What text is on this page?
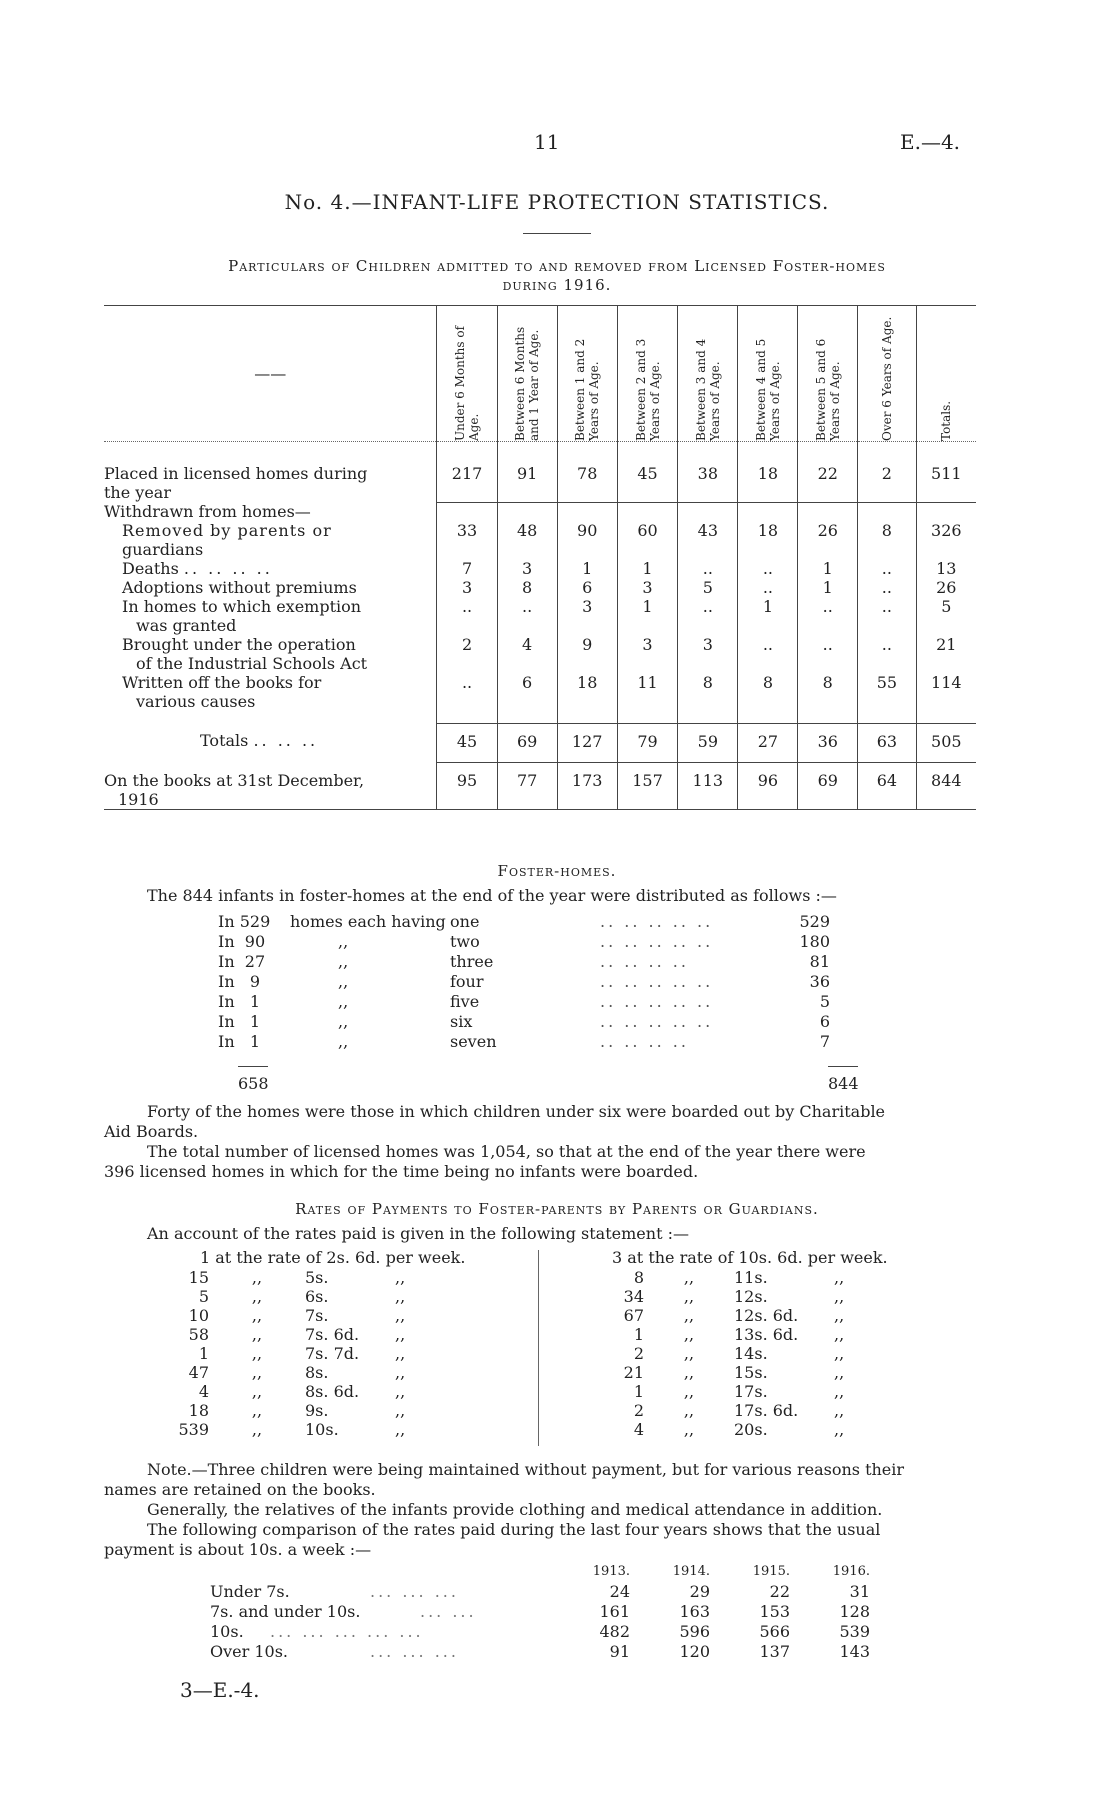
11	E.—4.
No. 4.—INFANT-LIFE PROTECTION STATISTICS.
Particulars of Children admitted to and removed from Licensed Foster-homes
during 1916.
——	Under 6 Months of Age.	Between 6 Months and 1 Year of Age.	Between 1 and 2 Years of Age.	Between 2 and 3 Years of Age.	Between 3 and 4 Years of Age.	Between 4 and 5 Years of Age.	Between 5 and 6 Years of Age.	Over 6 Years of Age.	Totals.

Placed in licensed homes during
the year	217	91	78	45	38	18	22	2	511
Withdrawn from homes—									
Removed by parents or
guardians	33	48	90	60	43	18	26	8	326
Deaths .. .. .. ..	7	3	1	1	..	..	1	..	13
Adoptions without premiums	3	8	6	3	5	..	1	..	26
In homes to which exemption
was granted	..	..	3	1	..	1	..	..	5
Brought under the operation
of the Industrial Schools Act	2	4	9	3	3	..	..	..	21
Written off the books for
various causes	..	6	18	11	8	8	8	55	114

Totals .. .. ..	45	69	127	79	59	27	36	63	505

On the books at 31st December,
1916	95	77	173	157	113	96	69	64	844
Foster-homes.
The 844 infants in foster-homes at the end of the year were distributed as follows :—
In 529	homes each having one	.. .. .. .. ..	529
In  90	,,	two	.. .. .. .. ..	180
In  27	,,	three	.. .. .. ..	81
In   9	,,	four	.. .. .. .. ..	36
In   1	,,	five	.. .. .. .. ..	5
In   1	,,	six	.. .. .. .. ..	6
In   1	,,	seven	.. .. .. ..	7
658	844
Forty of the homes were those in which children under six were boarded out by Charitable
Aid Boards.
The total number of licensed homes was 1,054, so that at the end of the year there were
396 licensed homes in which for the time being no infants were boarded.
Rates of Payments to Foster-parents by Parents or Guardians.
An account of the rates paid is given in the following statement :—
1 at the rate of 2s. 6d. per week.	3 at the rate of 10s. 6d. per week.
15	,,	5s.	,,
5	,,	6s.	,,
10	,,	7s.	,,
58	,,	7s. 6d.	,,
1	,,	7s. 7d.	,,
47	,,	8s.	,,
4	,,	8s. 6d.	,,
18	,,	9s.	,,
539	,,	10s.	,,
8	,,	11s.	,,
34	,,	12s.	,,
67	,,	12s. 6d.	,,
1	,,	13s. 6d.	,,
2	,,	14s.	,,
21	,,	15s.	,,
1	,,	17s.	,,
2	,,	17s. 6d.	,,
4	,,	20s.	,,
Note.—Three children were being maintained without payment, but for various reasons their
names are retained on the books.
Generally, the relatives of the infants provide clothing and medical attendance in addition.
The following comparison of the rates paid during the last four years shows that the usual
payment is about 10s. a week :—
1913.	1914.	1915.	1916.
Under 7s.	... ... ...	24	29	22	31
7s. and under 10s.	... ...	161	163	153	128
10s.	... ... ... ... ...	482	596	566	539
Over 10s.	... ... ...	91	120	137	143
3—E.-4.
